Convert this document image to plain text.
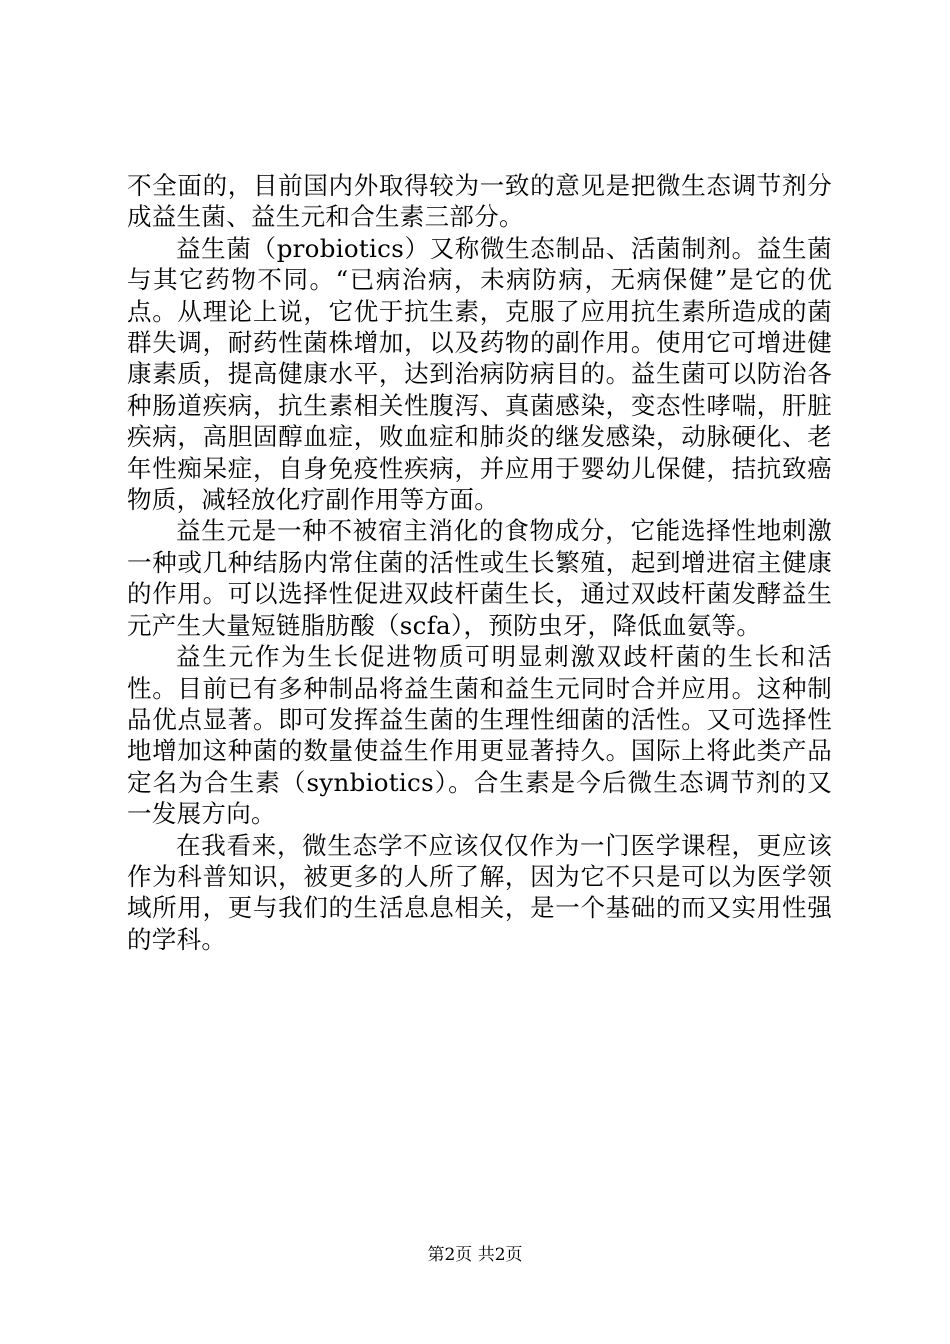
不全面的，目前国内外取得较为一致的意见是把微生态调节剂分成益生菌、益生元和合生素三部分。

益生菌（probiotics）又称微生态制品、活菌制剂。益生菌与其它药物不同。“已病治病，未病防病，无病保健”是它的优点。从理论上说，它优于抗生素，克服了应用抗生素所造成的菌群失调，耐药性菌株增加，以及药物的副作用。使用它可增进健康素质，提高健康水平，达到治病防病目的。益生菌可以防治各种肠道疾病，抗生素相关性腹泻、真菌感染，变态性哮喘，肝脏疾病，高胆固醇血症，败血症和肺炎的继发感染，动脉硬化、老年性痴呆症，自身免疫性疾病，并应用于婴幼儿保健，拮抗致癌物质，减轻放化疗副作用等方面。

益生元是一种不被宿主消化的食物成分，它能选择性地刺激一种或几种结肠内常住菌的活性或生长繁殖，起到增进宿主健康的作用。可以选择性促进双歧杆菌生长，通过双歧杆菌发酵益生元产生大量短链脂肪酸（scfa），预防虫牙，降低血氨等。

益生元作为生长促进物质可明显刺激双歧杆菌的生长和活性。目前已有多种制品将益生菌和益生元同时合并应用。这种制品优点显著。即可发挥益生菌的生理性细菌的活性。又可选择性地增加这种菌的数量使益生作用更显著持久。国际上将此类产品定名为合生素（synbiotics）。合生素是今后微生态调节剂的又一发展方向。

在我看来，微生态学不应该仅仅作为一门医学课程，更应该作为科普知识，被更多的人所了解，因为它不只是可以为医学领域所用，更与我们的生活息息相关，是一个基础的而又实用性强的学科。

第2页 共2页
